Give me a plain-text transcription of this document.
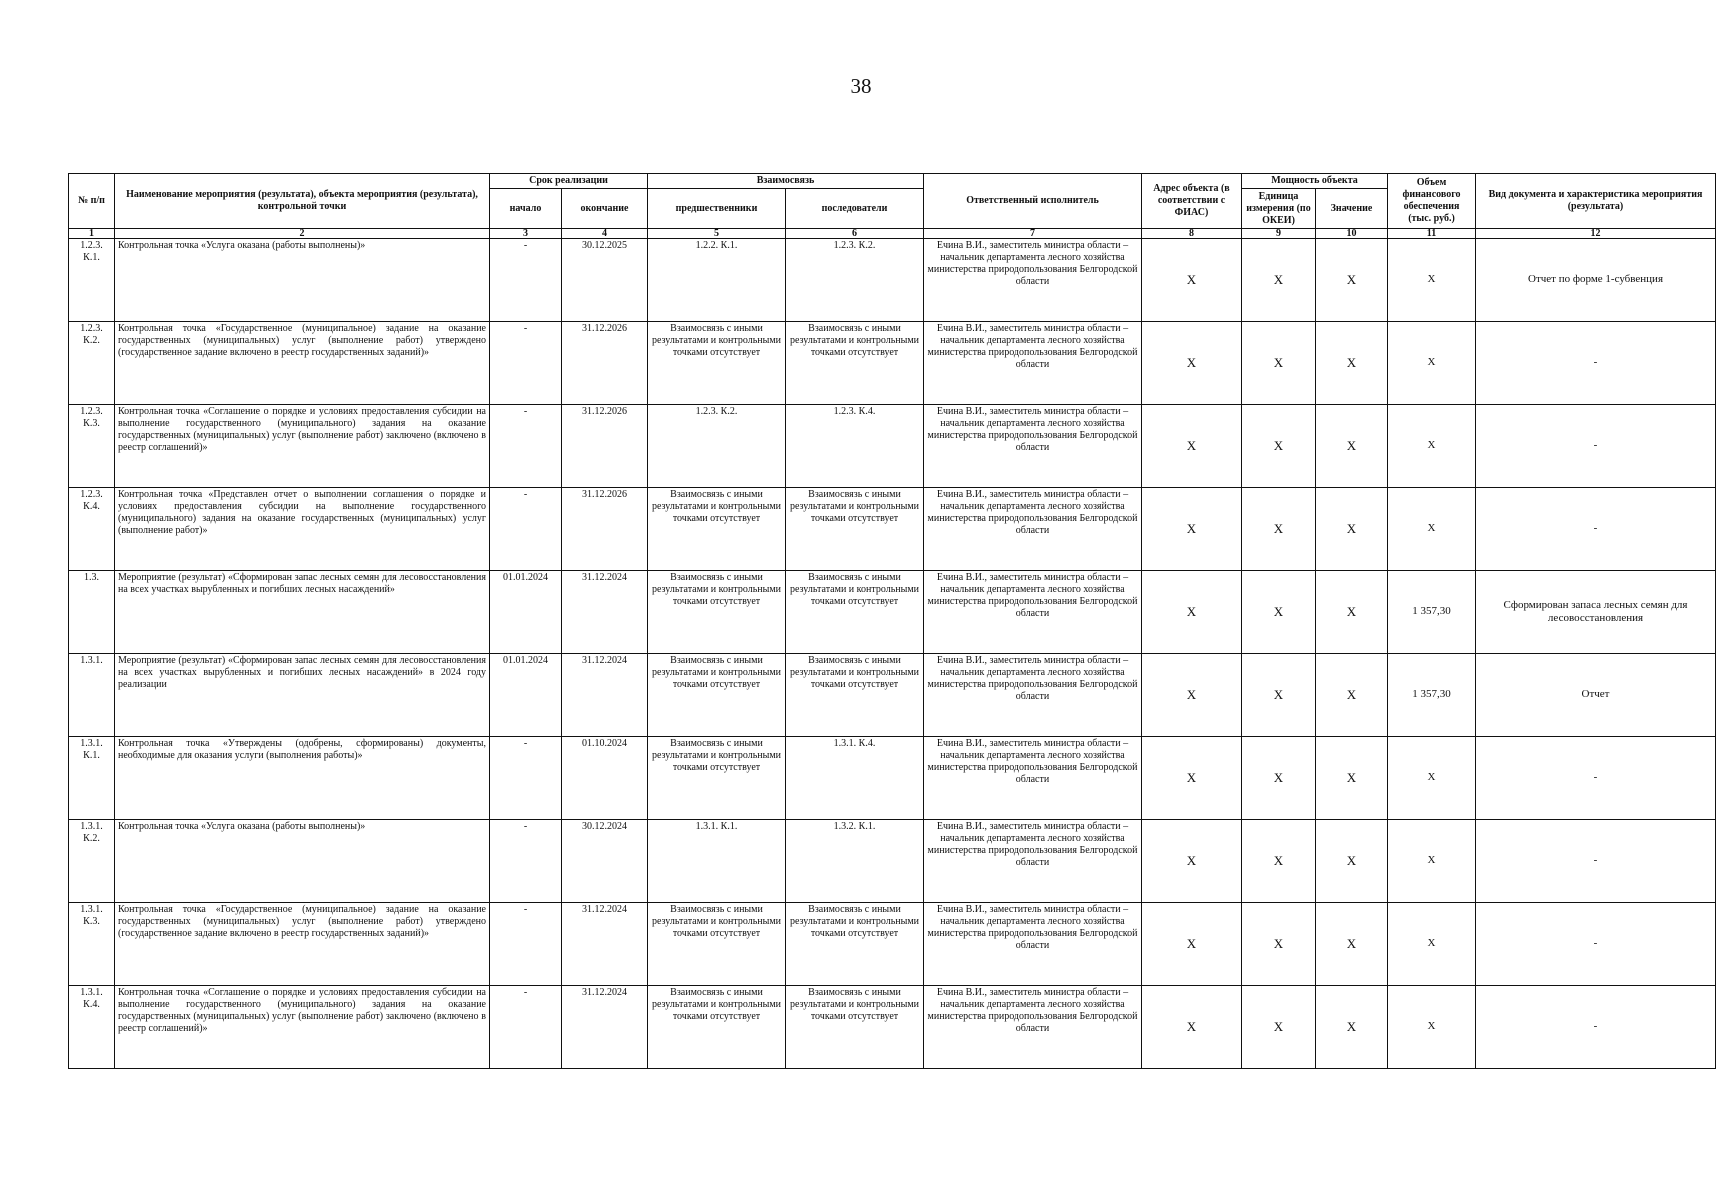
38
№ п/п	Наименование мероприятия (результата), объекта мероприятия (результата), контрольной точки	Срок реализации		Взаимосвязь		Ответственный исполнитель	Адрес объекта (в соответствии с ФИАС)	Мощность объекта		Объем финансового обеспечения (тыс. руб.)	Вид документа и характеристика мероприятия (результата)
		начало	окончание	предшественники	последователи			Единица измерения (по ОКЕИ)	Значение		
1	2	3	4	5	6	7	8	9	10	11	12
1.2.3. К.1.	Контрольная точка «Услуга оказана (работы выполнены)»	-	30.12.2025	1.2.2. К.1.	1.2.3. К.2.	Ечина В.И., заместитель министра области – начальник департамента лесного хозяйства министерства природопользования Белгородской области	X	X	X	X	Отчет по форме 1-субвенция
1.2.3. К.2.	Контрольная точка «Государственное (муниципальное) задание на оказание государственных (муниципальных) услуг (выполнение работ) утверждено (государственное задание включено в реестр государственных заданий)»	-	31.12.2026	Взаимосвязь с иными результатами и контрольными точками отсутствует	Взаимосвязь с иными результатами и контрольными точками отсутствует	Ечина В.И., заместитель министра области – начальник департамента лесного хозяйства министерства природопользования Белгородской области	X	X	X	X	-
1.2.3. К.3.	Контрольная точка «Соглашение о порядке и условиях предоставления субсидии на выполнение государственного (муниципального) задания на оказание государственных (муниципальных) услуг (выполнение работ) заключено (включено в реестр соглашений)»	-	31.12.2026	1.2.3. К.2.	1.2.3. К.4.	Ечина В.И., заместитель министра области – начальник департамента лесного хозяйства министерства природопользования Белгородской области	X	X	X	X	-
1.2.3. К.4.	Контрольная точка «Представлен отчет о выполнении соглашения о порядке и условиях предоставления субсидии на выполнение государственного (муниципального) задания на оказание государственных (муниципальных) услуг (выполнение работ)»	-	31.12.2026	Взаимосвязь с иными результатами и контрольными точками отсутствует	Взаимосвязь с иными результатами и контрольными точками отсутствует	Ечина В.И., заместитель министра области – начальник департамента лесного хозяйства министерства природопользования Белгородской области	X	X	X	X	-
1.3.	Мероприятие (результат) «Сформирован запас лесных семян для лесовосстановления на всех участках вырубленных и погибших лесных насаждений»	01.01.2024	31.12.2024	Взаимосвязь с иными результатами и контрольными точками отсутствует	Взаимосвязь с иными результатами и контрольными точками отсутствует	Ечина В.И., заместитель министра области – начальник департамента лесного хозяйства министерства природопользования Белгородской области	X	X	X	1 357,30	Сформирован запаса лесных семян для лесовосстановления
1.3.1.	Мероприятие (результат) «Сформирован запас лесных семян для лесовосстановления на всех участках вырубленных и погибших лесных насаждений» в 2024 году реализации	01.01.2024	31.12.2024	Взаимосвязь с иными результатами и контрольными точками отсутствует	Взаимосвязь с иными результатами и контрольными точками отсутствует	Ечина В.И., заместитель министра области – начальник департамента лесного хозяйства министерства природопользования Белгородской области	X	X	X	1 357,30	Отчет
1.3.1. К.1.	Контрольная точка «Утверждены (одобрены, сформированы) документы, необходимые для оказания услуги (выполнения работы)»	-	01.10.2024	Взаимосвязь с иными результатами и контрольными точками отсутствует	1.3.1. К.4.	Ечина В.И., заместитель министра области – начальник департамента лесного хозяйства министерства природопользования Белгородской области	X	X	X	X	-
1.3.1. К.2.	Контрольная точка «Услуга оказана (работы выполнены)»	-	30.12.2024	1.3.1. К.1.	1.3.2. К.1.	Ечина В.И., заместитель министра области – начальник департамента лесного хозяйства министерства природопользования Белгородской области	X	X	X	X	-
1.3.1. К.3.	Контрольная точка «Государственное (муниципальное) задание на оказание государственных (муниципальных) услуг (выполнение работ) утверждено (государственное задание включено в реестр государственных заданий)»	-	31.12.2024	Взаимосвязь с иными результатами и контрольными точками отсутствует	Взаимосвязь с иными результатами и контрольными точками отсутствует	Ечина В.И., заместитель министра области – начальник департамента лесного хозяйства министерства природопользования Белгородской области	X	X	X	X	-
1.3.1. К.4.	Контрольная точка «Соглашение о порядке и условиях предоставления субсидии на выполнение государственного (муниципального) задания на оказание государственных (муниципальных) услуг (выполнение работ) заключено (включено в реестр соглашений)»	-	31.12.2024	Взаимосвязь с иными результатами и контрольными точками отсутствует	Взаимосвязь с иными результатами и контрольными точками отсутствует	Ечина В.И., заместитель министра области – начальник департамента лесного хозяйства министерства природопользования Белгородской области	X	X	X	X	-
